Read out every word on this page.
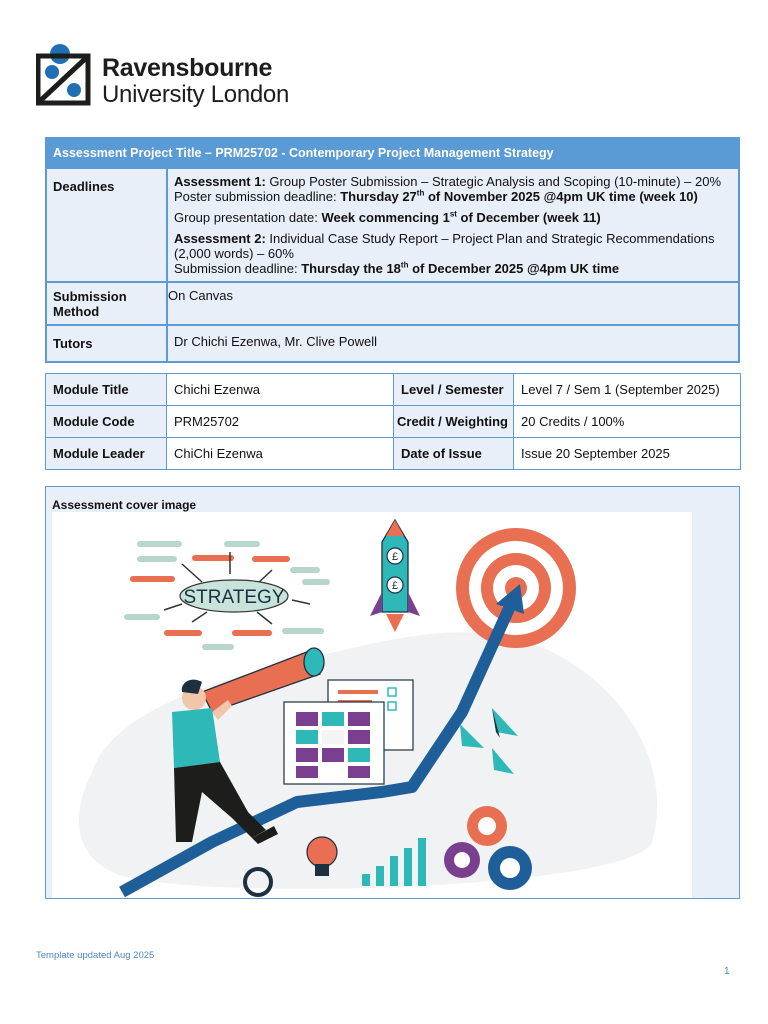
Ravensbourne
University London
Assessment Project Title – PRM25702 - Contemporary Project Management Strategy	
Deadlines	Assessment 1: Group Poster Submission – Strategic Analysis and Scoping (10-minute) – 20%
Poster submission deadline: Thursday 27th of November 2025 @4pm UK time (week 10)

Group presentation date: Week commencing 1st of December (week 11)

Assessment 2: Individual Case Study Report – Project Plan and Strategic Recommendations (2,000 words) – 60%
Submission deadline: Thursday the 18th of December 2025 @4pm UK time

Submission Method	On Canvas
Tutors	Dr Chichi Ezenwa, Mr. Clive Powell
Module Title	Chichi Ezenwa	Level / Semester	Level 7 / Sem 1 (September 2025)
Module Code	PRM25702	Credit / Weighting	20 Credits / 100%
Module Leader	ChiChi Ezenwa	Date of Issue	Issue 20 September 2025
Assessment cover image
STRATEGY
£
£
Template updated Aug 2025
1
